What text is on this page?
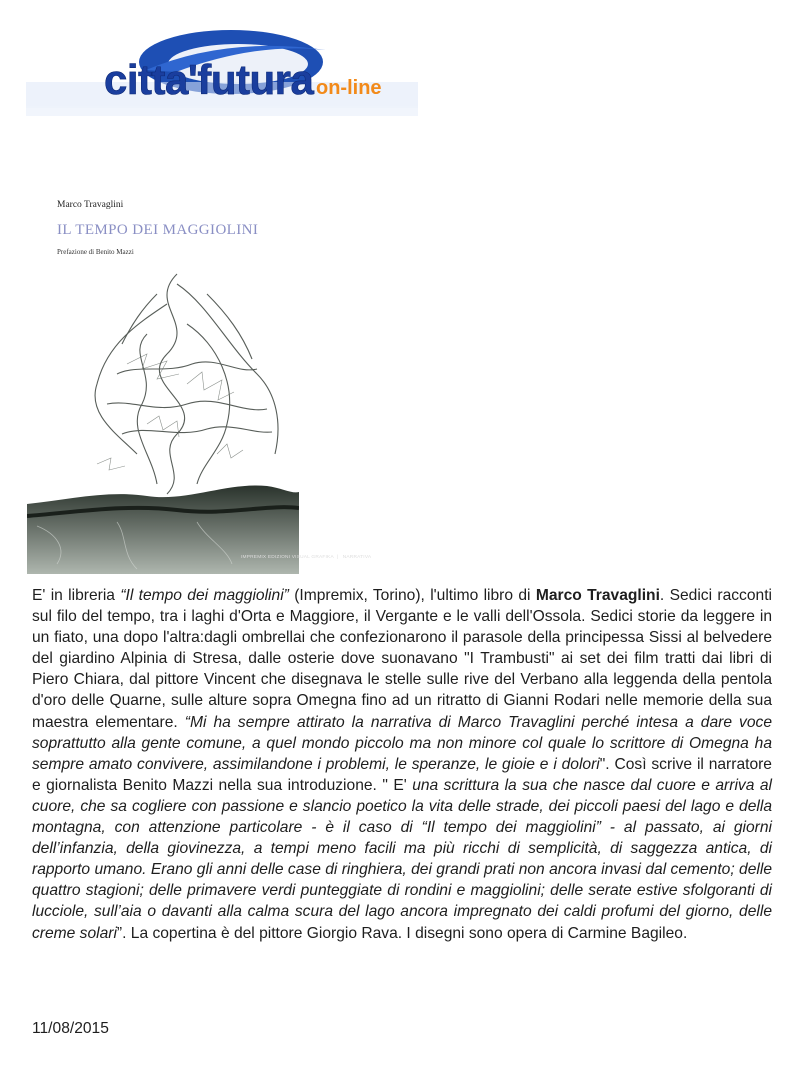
citta'futura on-line
Marco Travaglini
IL TEMPO DEI MAGGIOLINI
Prefazione di Benito Mazzi
IMPREMIX EDIZIONI VISUAL GRAFIKA  |   NARRATIVA

E' in libreria “Il tempo dei maggiolini” (Impremix, Torino), l'ultimo libro di Marco Travaglini. Sedici racconti sul filo del tempo, tra i laghi d'Orta e Maggiore, il Vergante e le valli dell'Ossola. Sedici storie da leggere in un fiato, una dopo l'altra:dagli ombrellai che confezionarono il parasole della principessa Sissi al belvedere del giardino Alpinia di Stresa, dalle osterie dove suonavano "I Trambusti" ai set dei film tratti dai libri di Piero Chiara, dal pittore Vincent che disegnava le stelle sulle rive del Verbano alla leggenda della pentola d'oro delle Quarne, sulle alture sopra Omegna fino ad un ritratto di Gianni Rodari nelle memorie della sua maestra elementare. “Mi ha sempre attirato la narrativa di Marco Travaglini perché intesa a dare voce soprattutto alla gente comune, a quel mondo piccolo ma non minore col quale lo scrittore di Omegna ha sempre amato convivere, assimilandone i problemi, le speranze, le gioie e i dolori". Così scrive il narratore e giornalista Benito Mazzi nella sua introduzione. " E' una scrittura la sua che nasce dal cuore e arriva al cuore, che sa cogliere con passione e slancio poetico la vita delle strade, dei piccoli paesi del lago e della montagna, con attenzione particolare - è il caso di “Il tempo dei maggiolini” - al passato, ai giorni dell’infanzia, della giovinezza, a tempi meno facili ma più ricchi di semplicità, di saggezza antica, di rapporto umano. Erano gli anni delle case di ringhiera, dei grandi prati non ancora invasi dal cemento; delle quattro stagioni; delle primavere verdi punteggiate di rondini e maggiolini; delle serate estive sfolgoranti di lucciole, sull’aia o davanti alla calma scura del lago ancora impregnato dei caldi profumi del giorno, delle creme solari”. La copertina è del pittore Giorgio Rava. I disegni sono opera di Carmine Bagileo.

11/08/2015
